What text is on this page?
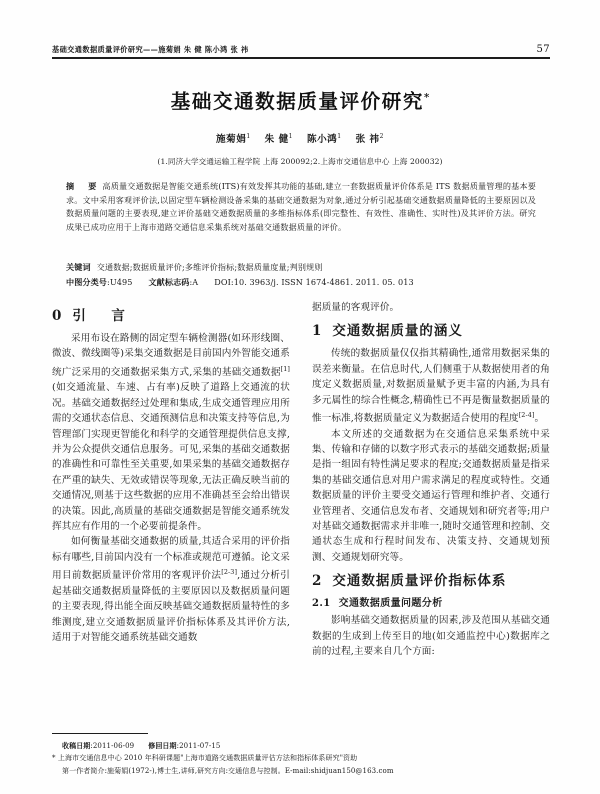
基础交通数据质量评价研究——施菊娟 朱 健 陈小鸿 张 祎	57
基础交通数据质量评价研究*
施菊娟$^1$ 朱 健$^1$ 陈小鸿$^1$ 张 祎$^2$
(1.同济大学交通运输工程学院 上海 200092;2.上海市交通信息中心 上海 200032)

摘　要 高质量交通数据是智能交通系统(ITS)有效发挥其功能的基础,建立一套数据质量评价体系是 ITS 数据质量管理的基本要求。文中采用客观评价法,以固定型车辆检测设备采集的基础交通数据为对象,通过分析引起基础交通数据质量降低的主要原因以及数据质量问题的主要表现,建立评价基础交通数据质量的多维指标体系(即完整性、有效性、准确性、实时性)及其评价方法。研究成果已成功应用于上海市道路交通信息采集系统对基础交通数据质量的评价。

关键词 交通数据;数据质量评价;多维评价指标;数据质量度量;判别规则
中图分类号:U495 文献标志码:A DOI:10. 3963/j. ISSN 1674-4861. 2011. 05. 013
0 引　言

采用布设在路侧的固定型车辆检测器(如环形线圈、微波、微线圈等)采集交通数据是目前国内外智能交通系统广泛采用的交通数据采集方式,采集的基础交通数据[1](如交通流量、车速、占有率)反映了道路上交通流的状况。基础交通数据经过处理和集成,生成交通管理应用所需的交通状态信息、交通预测信息和决策支持等信息,为管理部门实现更智能化和科学的交通管理提供信息支撑,并为公众提供交通信息服务。可见,采集的基础交通数据的准确性和可靠性至关重要,如果采集的基础交通数据存在严重的缺失、无效或错误等现象,无法正确反映当前的交通情况,则基于这些数据的应用不准确甚至会给出错误的决策。因此,高质量的基础交通数据是智能交通系统发挥其应有作用的一个必要前提条件。

如何衡量基础交通数据的质量,其适合采用的评价指标有哪些,目前国内没有一个标准或规范可遵循。论文采用目前数据质量评价常用的客观评价法[2-3],通过分析引起基础交通数据质量降低的主要原因以及数据质量问题的主要表现,得出能全面反映基础交通数据质量特性的多维测度,建立交通数据质量评价指标体系及其评价方法,适用于对智能交通系统基础交通数

据质量的客观评价。

1 交通数据质量的涵义

传统的数据质量仅仅指其精确性,通常用数据采集的误差来衡量。在信息时代,人们侧重于从数据使用者的角度定义数据质量,对数据质量赋予更丰富的内涵,为具有多元属性的综合性概念,精确性已不再是衡量数据质量的惟一标准,将数据质量定义为数据适合使用的程度[2-4]。

本文所述的交通数据为在交通信息采集系统中采集、传输和存储的以数字形式表示的基础交通数据;质量是指一组固有特性满足要求的程度;交通数据质量是指采集的基础交通信息对用户需求满足的程度或特性。交通数据质量的评价主要受交通运行管理和维护者、交通行业管理者、交通信息发布者、交通规划和研究者等;用户对基础交通数据需求并非唯一,随时交通管理和控制、交通状态生成和行程时间发布、决策支持、交通规划预测、交通规划研究等。

2 交通数据质量评价指标体系
2.1 交通数据质量问题分析

影响基础交通数据质量的因素,涉及范围从基础交通数据的生成到上传至目的地(如交通监控中心)数据库之前的过程,主要来自几个方面:

收稿日期:2011-06-09 修回日期:2011-07-15

* 上海市交通信息中心 2010 年科研课题"上海市道路交通数据质量评估方法和指标体系研究"资助

第一作者简介:施菊娟(1972-),博士生,讲师,研究方向:交通信息与控制。E-mail:shidjuan150@163.com
